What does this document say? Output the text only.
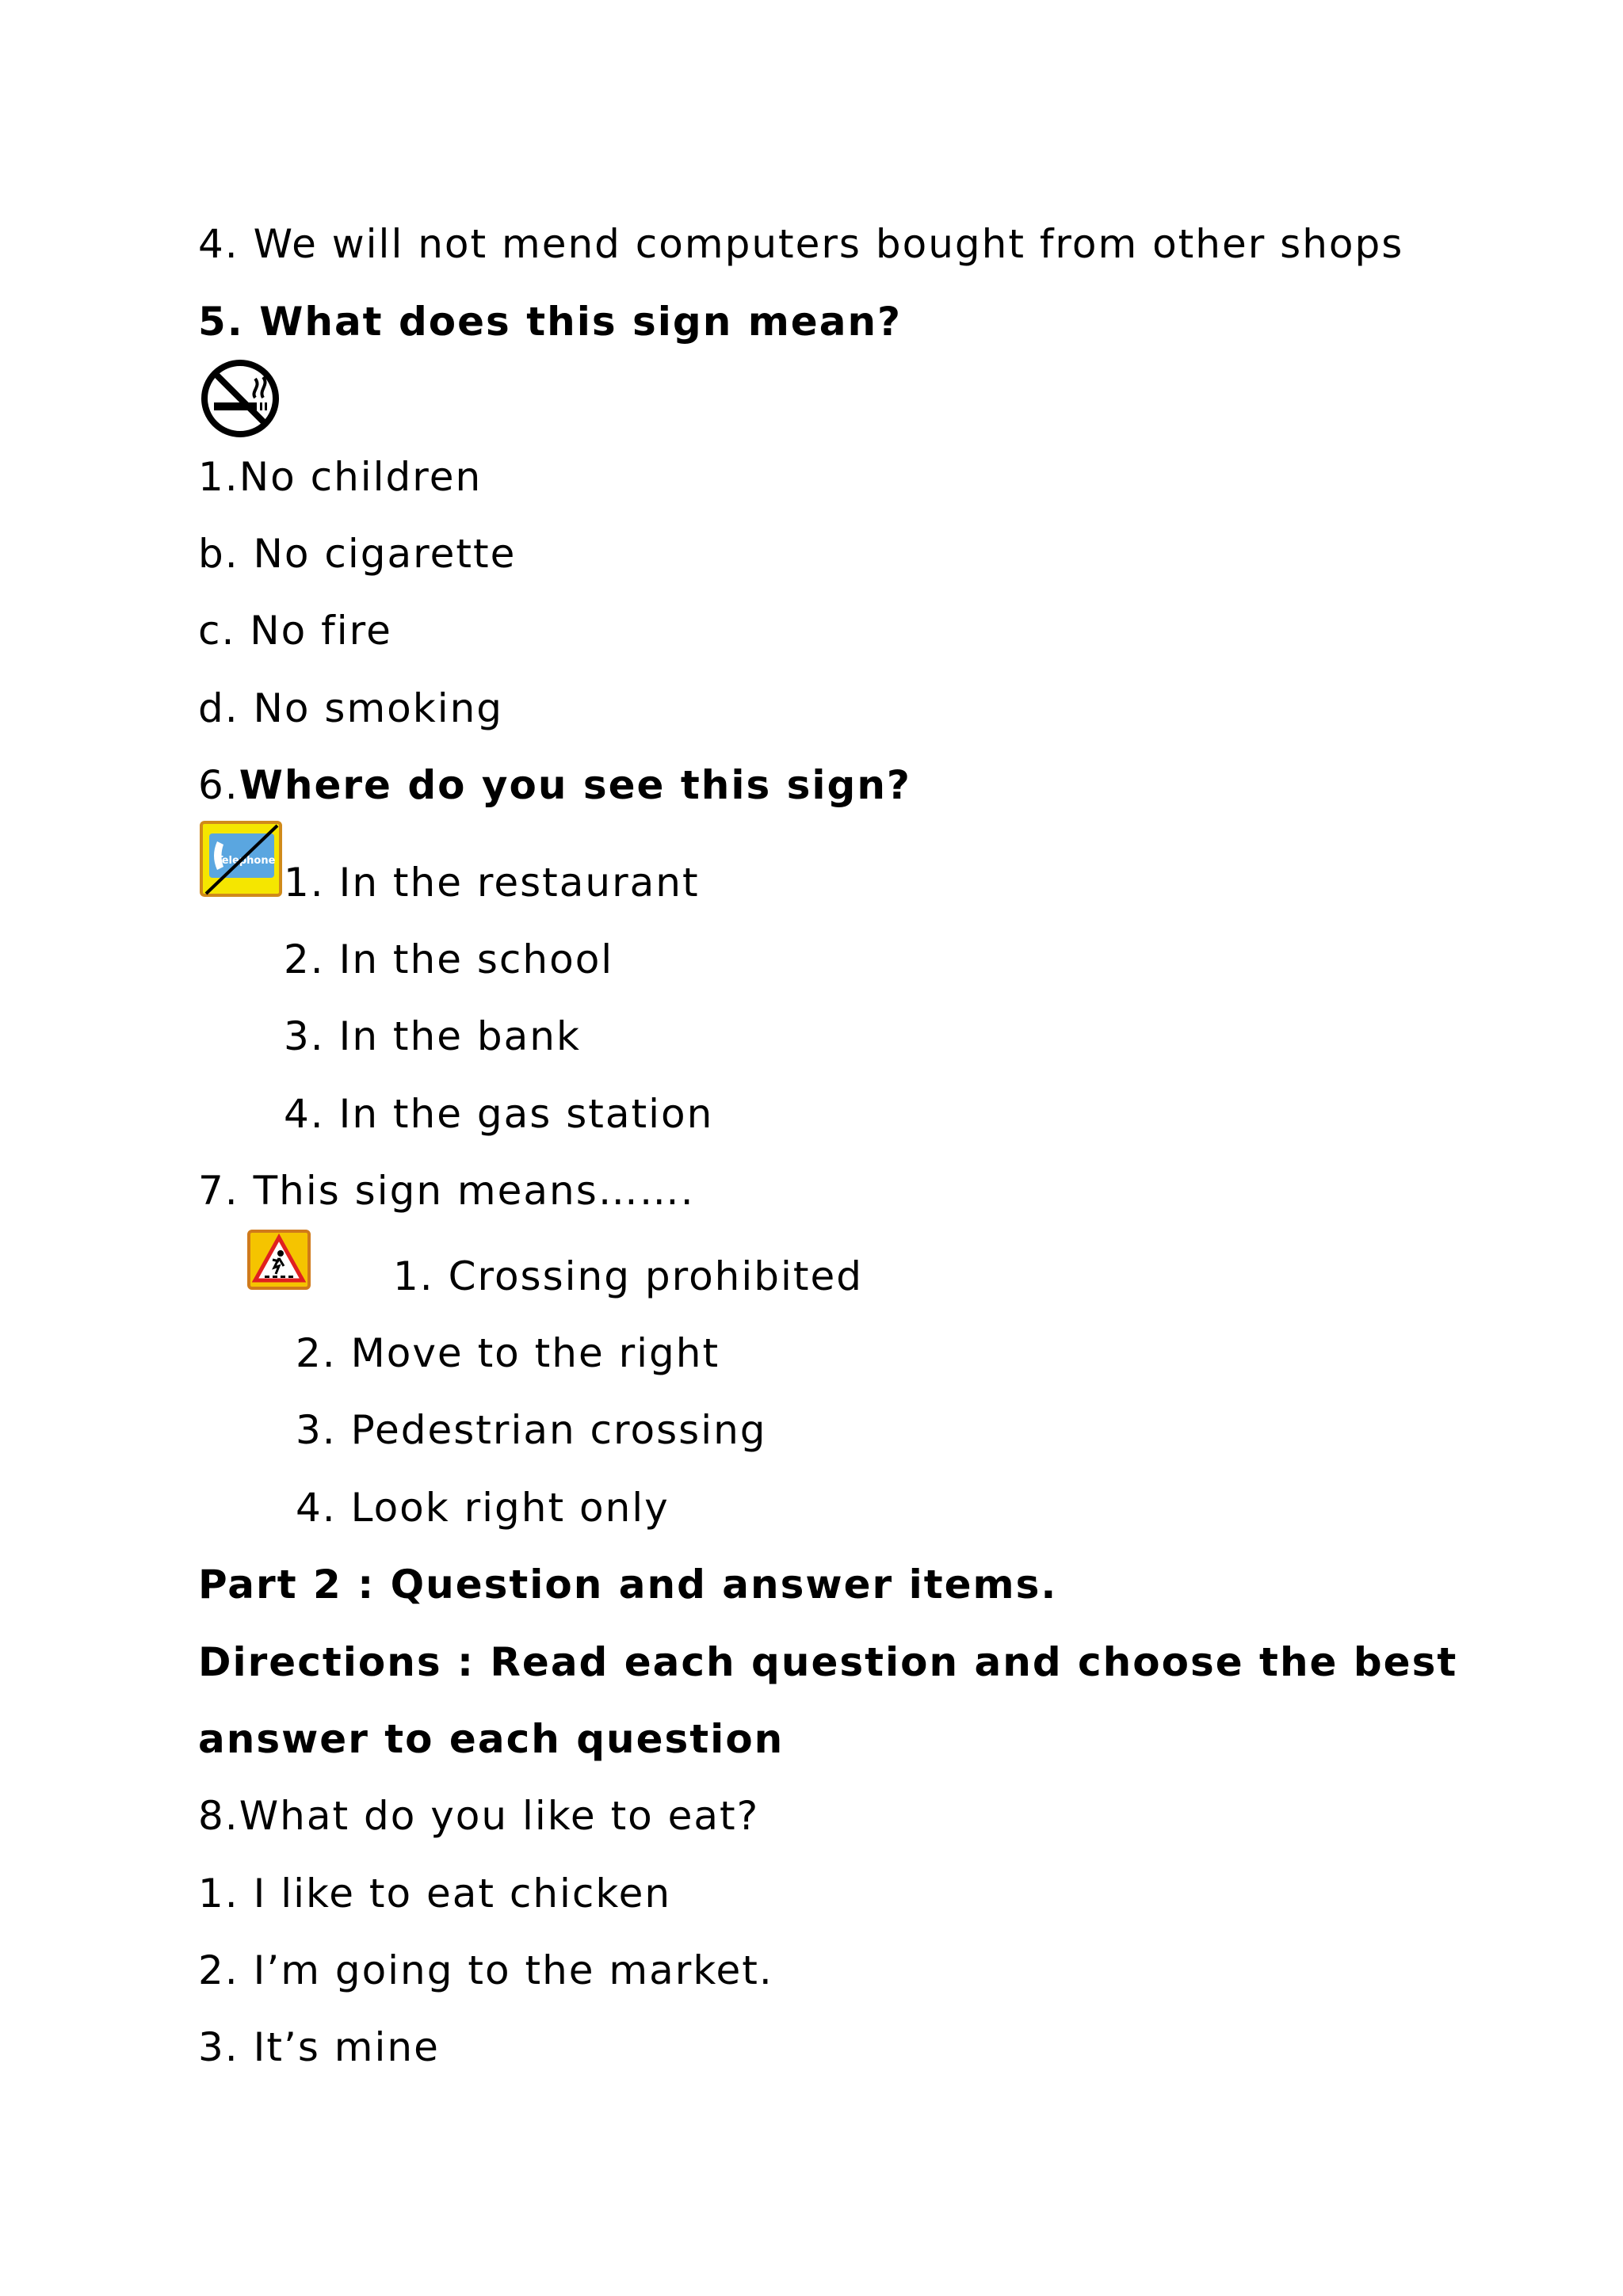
4. We will not mend computers bought from other shops
5. What does this sign mean?
1.No children
b. No cigarette
c. No fire
d. No smoking
6.Where do you see this sign?
Telephone 1. In the restaurant
2. In the school
3. In the bank
4. In the gas station
7. This sign means…….
1. Crossing prohibited
2. Move to the right
3. Pedestrian crossing
4. Look right only
Part 2 : Question and answer items.
Directions : Read each question and choose the best
answer to each question
8.What do you like to eat?
1. I like to eat chicken
2. I’m going to the market.
3. It’s mine
